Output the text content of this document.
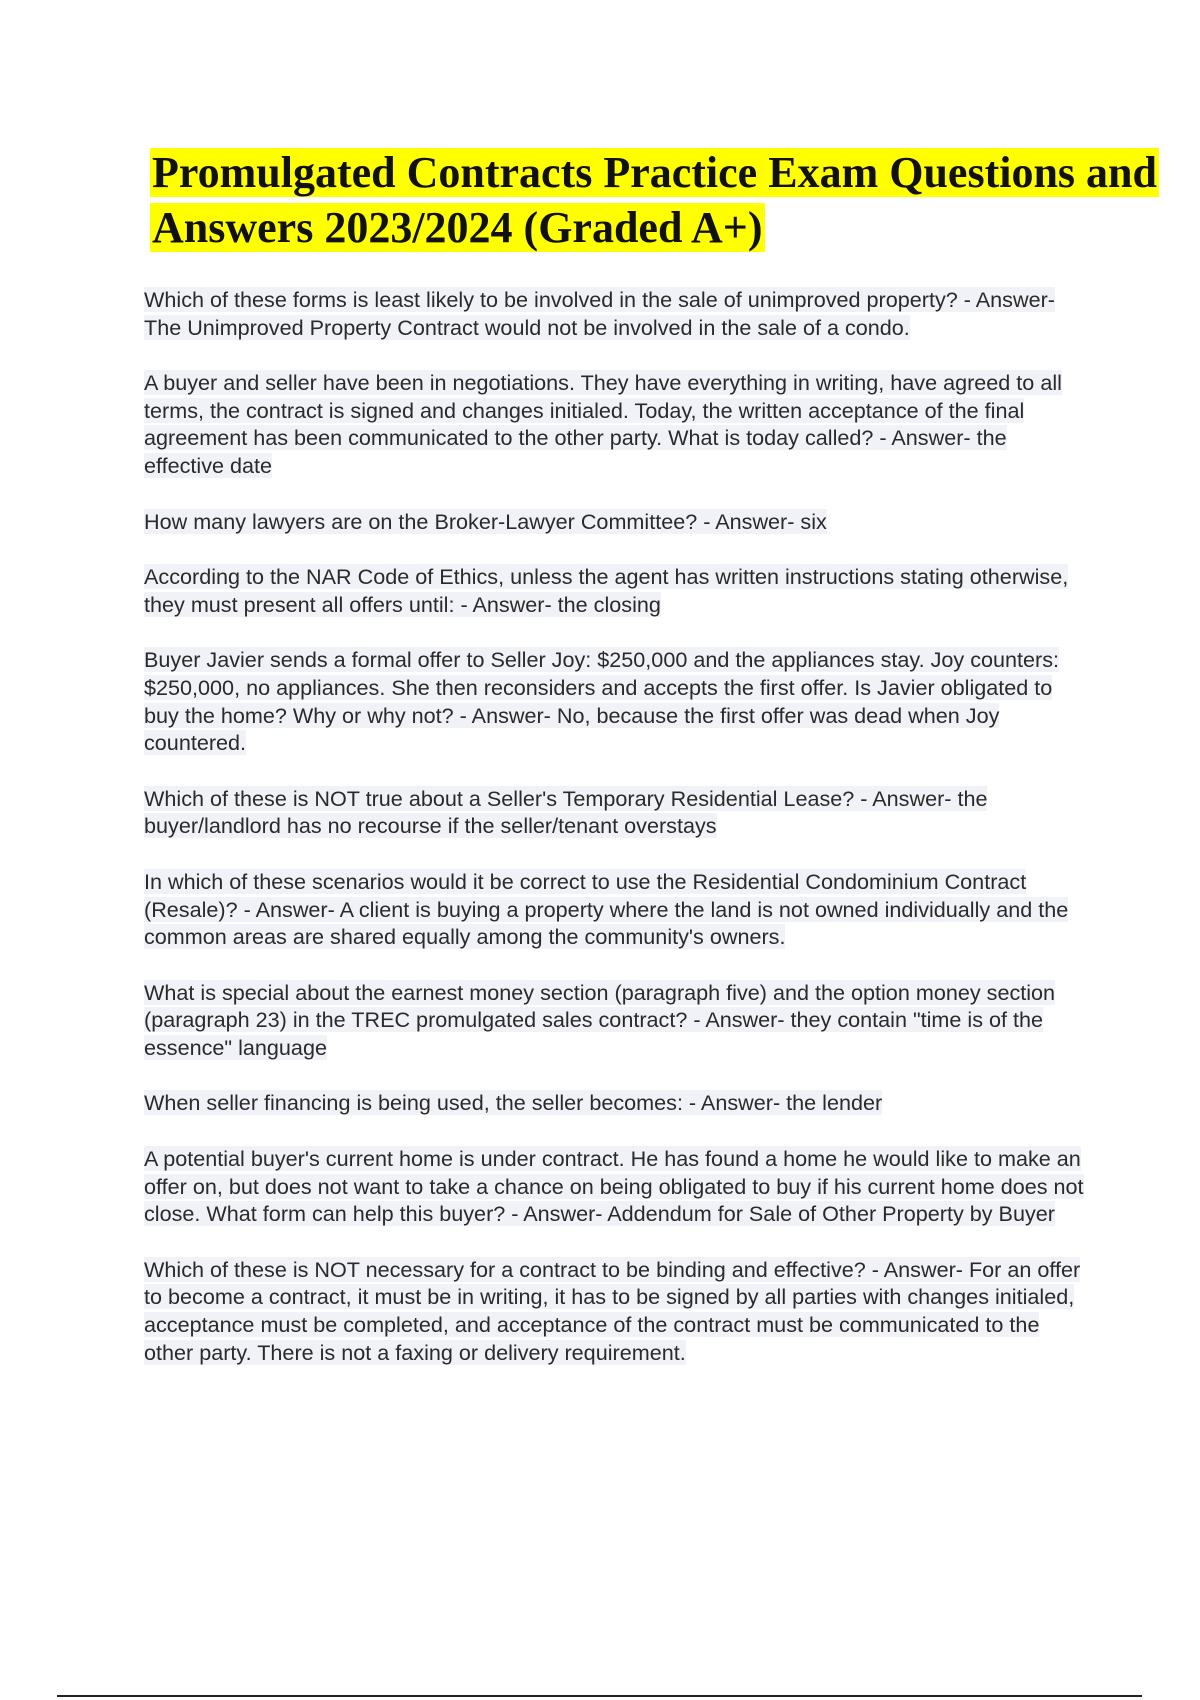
Promulgated Contracts Practice Exam Questions and Answers 2023/2024 (Graded A+)

Which of these forms is least likely to be involved in the sale of unimproved property? - Answer- The Unimproved Property Contract would not be involved in the sale of a condo.

A buyer and seller have been in negotiations. They have everything in writing, have agreed to all terms, the contract is signed and changes initialed. Today, the written acceptance of the final agreement has been communicated to the other party. What is today called? - Answer- the effective date

How many lawyers are on the Broker-Lawyer Committee? - Answer- six

According to the NAR Code of Ethics, unless the agent has written instructions stating otherwise, they must present all offers until: - Answer- the closing

Buyer Javier sends a formal offer to Seller Joy: $250,000 and the appliances stay. Joy counters: $250,000, no appliances. She then reconsiders and accepts the first offer. Is Javier obligated to buy the home? Why or why not? - Answer- No, because the first offer was dead when Joy countered.

Which of these is NOT true about a Seller's Temporary Residential Lease? - Answer- the buyer/landlord has no recourse if the seller/tenant overstays

In which of these scenarios would it be correct to use the Residential Condominium Contract (Resale)? - Answer- A client is buying a property where the land is not owned individually and the common areas are shared equally among the community's owners.

What is special about the earnest money section (paragraph five) and the option money section (paragraph 23) in the TREC promulgated sales contract? - Answer- they contain "time is of the essence" language

When seller financing is being used, the seller becomes: - Answer- the lender

A potential buyer's current home is under contract. He has found a home he would like to make an offer on, but does not want to take a chance on being obligated to buy if his current home does not close. What form can help this buyer? - Answer- Addendum for Sale of Other Property by Buyer

Which of these is NOT necessary for a contract to be binding and effective? - Answer- For an offer to become a contract, it must be in writing, it has to be signed by all parties with changes initialed, acceptance must be completed, and acceptance of the contract must be communicated to the other party. There is not a faxing or delivery requirement.
